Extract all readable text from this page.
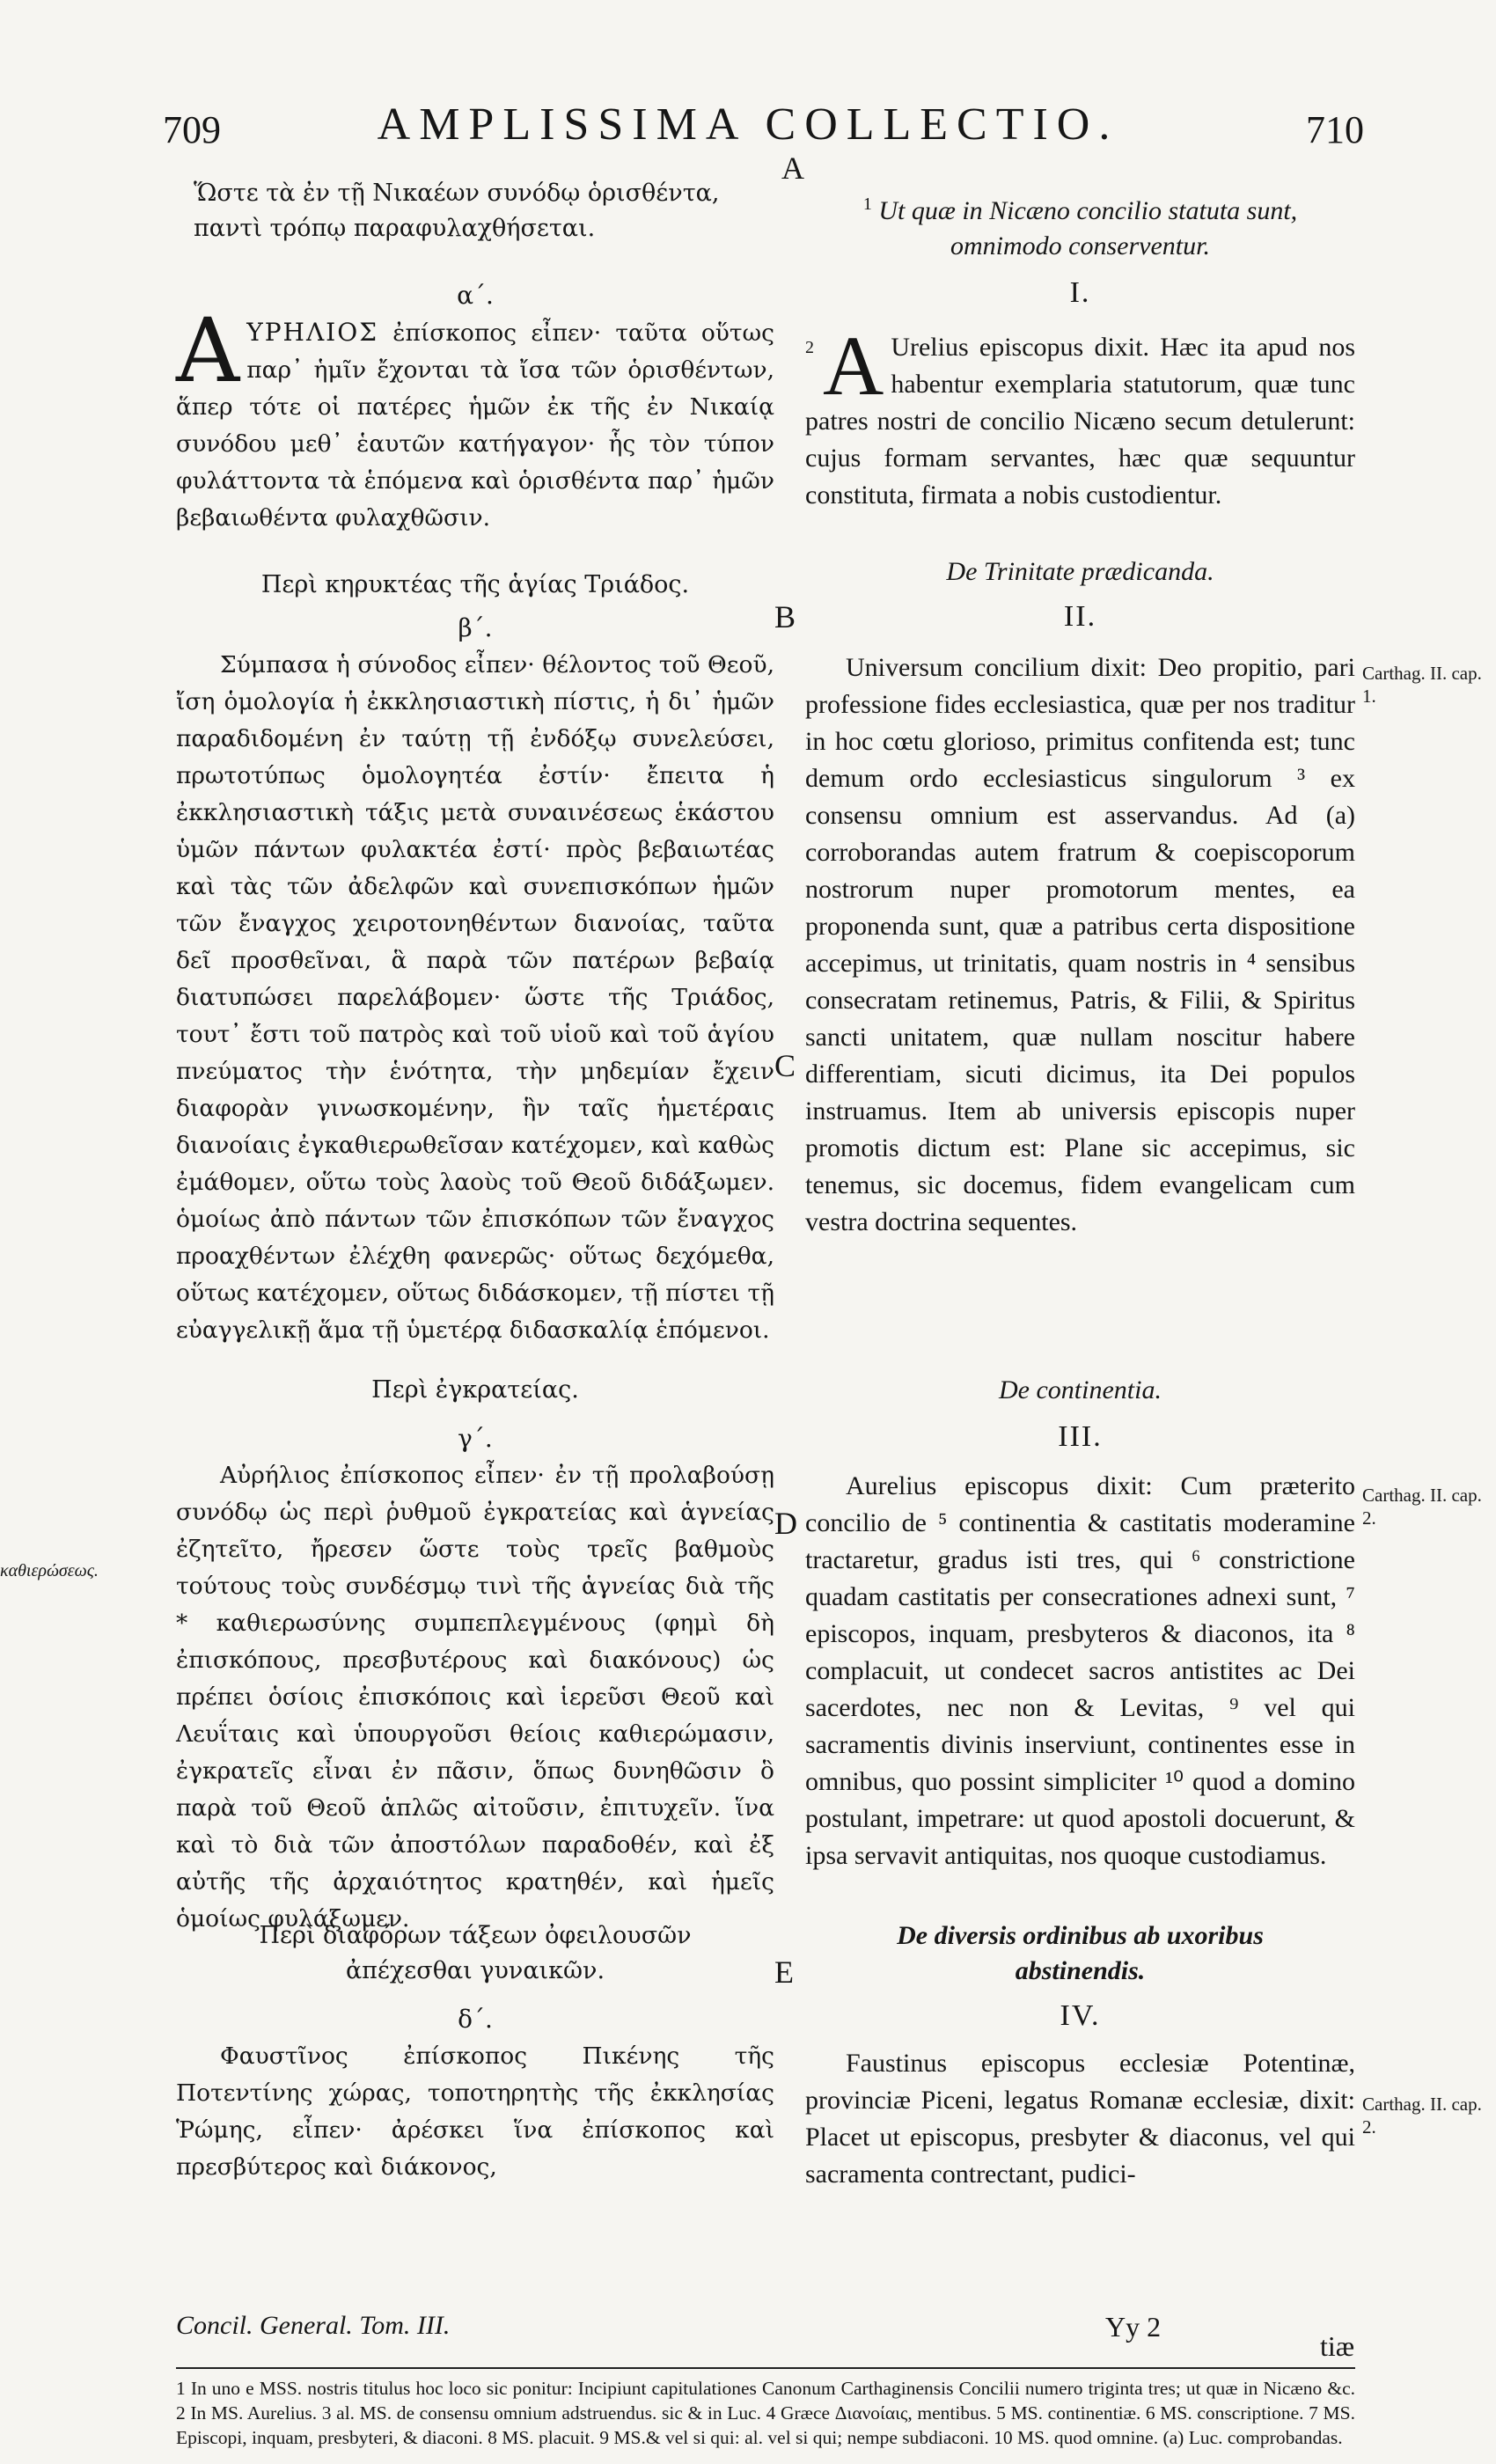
709	AMPLISSIMA COLLECTIO.	710
A
B
C
D
E

Ὥστε τὰ ἐν τῇ Νικαέων συνόδῳ ὁρισθέντα, παντὶ τρόπῳ παραφυλαχθήσεται.

α΄.

ΑΥΡΗΛΙΟΣ ἐπίσκοπος εἶπεν· ταῦτα οὕτως παρ᾽ ἡμῖν ἔχονται τὰ ἴσα τῶν ὁρισθέντων, ἅπερ τότε οἱ πατέρες ἡμῶν ἐκ τῆς ἐν Νικαίᾳ συνόδου μεθ᾽ ἑαυτῶν κατήγαγον· ἧς τὸν τύπον φυλάττοντα τὰ ἑπόμενα καὶ ὁρισθέντα παρ᾽ ἡμῶν βεβαιωθέντα φυλαχθῶσιν.

Περὶ κηρυκτέας τῆς ἁγίας Τριάδος.

β΄.

Σύμπασα ἡ σύνοδος εἶπεν· θέλοντος τοῦ Θεοῦ, ἴση ὁμολογία ἡ ἐκκλησιαστικὴ πίστις, ἡ δι᾽ ἡμῶν παραδιδομένη ἐν ταύτῃ τῇ ἐνδόξῳ συνελεύσει, πρωτοτύπως ὁμολογητέα ἐστίν· ἔπειτα ἡ ἐκκλησιαστικὴ τάξις μετὰ συναινέσεως ἑκάστου ὑμῶν πάντων φυλακτέα ἐστί· πρὸς βεβαιωτέας καὶ τὰς τῶν ἀδελφῶν καὶ συνεπισκόπων ἡμῶν τῶν ἔναγχος χειροτονηθέντων διανοίας, ταῦτα δεῖ προσθεῖναι, ἃ παρὰ τῶν πατέρων βεβαίᾳ διατυπώσει παρελάβομεν· ὥστε τῆς Τριάδος, τουτ᾽ ἔστι τοῦ πατρὸς καὶ τοῦ υἱοῦ καὶ τοῦ ἁγίου πνεύματος τὴν ἑνότητα, τὴν μηδεμίαν ἔχειν διαφορὰν γινωσκομένην, ἣν ταῖς ἡμετέραις διανοίαις ἐγκαθιερωθεῖσαν κατέχομεν, καὶ καθὼς ἐμάθομεν, οὕτω τοὺς λαοὺς τοῦ Θεοῦ διδάξωμεν. ὁμοίως ἀπὸ πάντων τῶν ἐπισκόπων τῶν ἔναγχος προαχθέντων ἐλέχθη φανερῶς· οὕτως δεχόμεθα, οὕτως κατέχομεν, οὕτως διδάσκομεν, τῇ πίστει τῇ εὐαγγελικῇ ἅμα τῇ ὑμετέρᾳ διδασκαλίᾳ ἑπόμενοι.

Περὶ ἐγκρατείας.

γ΄.

Αὐρήλιος ἐπίσκοπος εἶπεν· ἐν τῇ προλαβούσῃ συνόδῳ ὡς περὶ ῥυθμοῦ ἐγκρατείας καὶ ἁγνείας ἐζητεῖτο, ἤρεσεν ὥστε τοὺς τρεῖς βαθμοὺς τούτους τοὺς συνδέσμῳ τινὶ τῆς ἁγνείας διὰ τῆς * καθιερωσύνης συμπεπλεγμένους (φημὶ δὴ ἐπισκόπους, πρεσβυτέρους καὶ διακόνους) ὡς πρέπει ὁσίοις ἐπισκόποις καὶ ἱερεῦσι Θεοῦ καὶ Λευΐταις καὶ ὑπουργοῦσι θείοις καθιερώμασιν, ἐγκρατεῖς εἶναι ἐν πᾶσιν, ὅπως δυνηθῶσιν ὃ παρὰ τοῦ Θεοῦ ἁπλῶς αἰτοῦσιν, ἐπιτυχεῖν. ἵνα καὶ τὸ διὰ τῶν ἀποστόλων παραδοθέν, καὶ ἐξ αὐτῆς τῆς ἀρχαιότητος κρατηθέν, καὶ ἡμεῖς ὁμοίως φυλάξωμεν.

Περὶ διαφόρων τάξεων ὀφειλουσῶν ἀπέχεσθαι γυναικῶν.

δ΄.

Φαυστῖνος ἐπίσκοπος Πικένης τῆς Ποτεντίνης χώρας, τοποτηρητὴς τῆς ἐκκλησίας Ῥώμης, εἶπεν· ἀρέσκει ἵνα ἐπίσκοπος καὶ πρεσβύτερος καὶ διάκονος,

$^1$ Ut quæ in Nicæno concilio statuta sunt, omnimodo conserventur.

I.

2 A Urelius episcopus dixit. Hæc ita apud nos habentur exemplaria statutorum, quæ tunc patres nostri de concilio Nicæno secum detulerunt: cujus formam servantes, hæc quæ sequuntur constituta, firmata a nobis custodientur.

De Trinitate prædicanda.

II.

Universum concilium dixit: Deo propitio, pari professione fides ecclesiastica, quæ per nos traditur in hoc cœtu glorioso, primitus confitenda est; tunc demum ordo ecclesiasticus singulorum ³ ex consensu omnium est asservandus. Ad (a) corroborandas autem fratrum & coepiscoporum nostrorum nuper promotorum mentes, ea proponenda sunt, quæ a patribus certa dispositione accepimus, ut trinitatis, quam nostris in ⁴ sensibus consecratam retinemus, Patris, & Filii, & Spiritus sancti unitatem, quæ nullam noscitur habere differentiam, sicuti dicimus, ita Dei populos instruamus. Item ab universis episcopis nuper promotis dictum est: Plane sic accepimus, sic tenemus, sic docemus, fidem evangelicam cum vestra doctrina sequentes.

De continentia.

III.

Aurelius episcopus dixit: Cum præterito concilio de ⁵ continentia & castitatis moderamine tractaretur, gradus isti tres, qui ⁶ constrictione quadam castitatis per consecrationes adnexi sunt, ⁷ episcopos, inquam, presbyteros & diaconos, ita ⁸ complacuit, ut condecet sacros antistites ac Dei sacerdotes, nec non & Levitas, ⁹ vel qui sacramentis divinis inserviunt, continentes esse in omnibus, quo possint simpliciter ¹⁰ quod a domino postulant, impetrare: ut quod apostoli docuerunt, & ipsa servavit antiquitas, nos quoque custodiamus.

De diversis ordinibus ab uxoribus abstinendis.

IV.

Faustinus episcopus ecclesiæ Potentinæ, provinciæ Piceni, legatus Romanæ ecclesiæ, dixit: Placet ut episcopus, presbyter & diaconus, vel qui sacramenta contrectant, pudici-

Carthag. II. cap. 1.
Carthag. II. cap. 2.
Carthag. II. cap. 2.
καθιερώσεως.
Concil. General. Tom. III.	Yy 2
tiæ
1 In uno e MSS. nostris titulus hoc loco sic ponitur: Incipiunt capitulationes Canonum Carthaginensis Concilii numero triginta tres; ut quæ in Nicæno &c. 2 In MS. Aurelius. 3 al. MS. de consensu omnium adstruendus. sic & in Luc. 4 Græce Διανοίαις, mentibus. 5 MS. continentiæ. 6 MS. conscriptione. 7 MS. Episcopi, inquam, presbyteri, & diaconi. 8 MS. placuit. 9 MS.& vel si qui: al. vel si qui; nempe subdiaconi. 10 MS. quod omnine. (a) Luc. comprobandas.
